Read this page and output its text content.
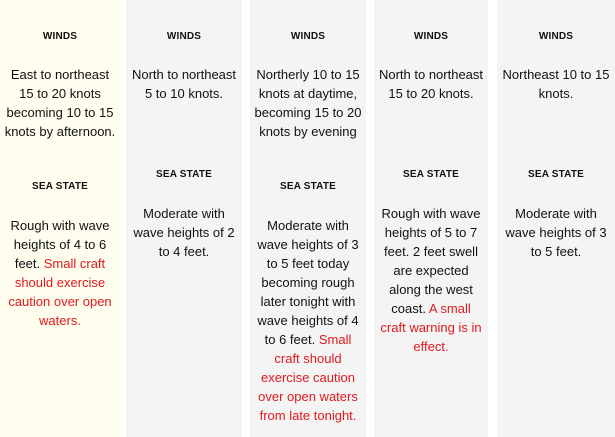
WINDS

East to northeast 15 to 20 knots becoming 10 to 15 knots by afternoon.

SEA STATE

Rough with wave heights of 4 to 6 feet. Small craft should exercise caution over open waters.

WINDS

North to northeast 5 to 10 knots.

SEA STATE

Moderate with wave heights of 2 to 4 feet.

WINDS

Northerly 10 to 15 knots at daytime, becoming 15 to 20 knots by evening

SEA STATE

Moderate with wave heights of 3 to 5 feet today becoming rough later tonight with wave heights of 4 to 6 feet. Small craft should exercise caution over open waters from late tonight.

WINDS

North to northeast 15 to 20 knots.

SEA STATE

Rough with wave heights of 5 to 7 feet. 2 feet swell are expected along the west coast. A small craft warning is in effect.

WINDS

Northeast 10 to 15 knots.

SEA STATE

Moderate with wave heights of 3 to 5 feet.
